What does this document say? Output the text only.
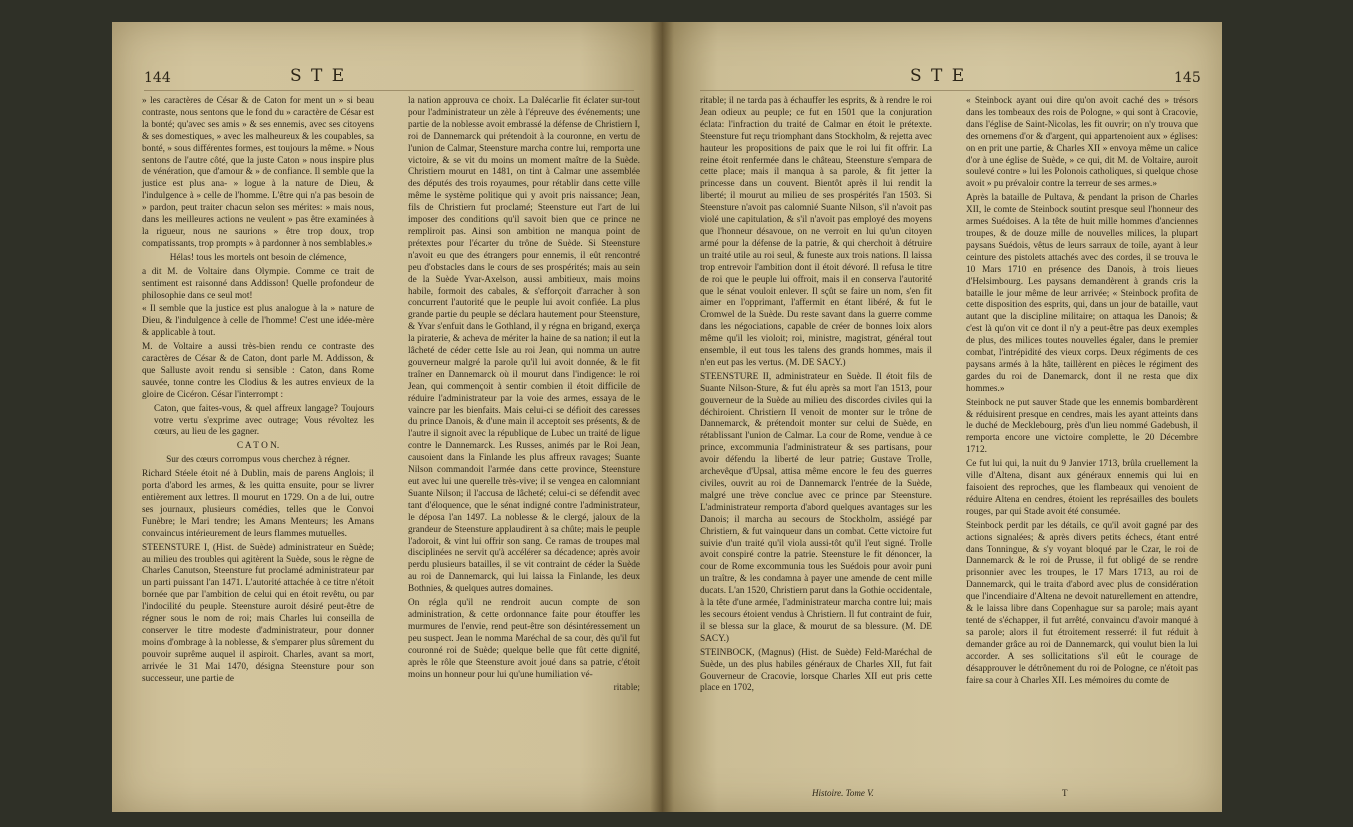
144	S T E

» les caractères de César & de Caton for ment un » si beau contraste, nous sentons que le fond du » caractère de César est la bonté; qu'avec ses amis » & ses ennemis, avec ses citoyens & ses domestiques, » avec les malheureux & les coupables, sa bonté, » sous différentes formes, est toujours la même. » Nous sentons de l'autre côté, que la juste Caton » nous inspire plus de vénération, que d'amour & » de confiance. Il semble que la justice est plus ana- » logue à la nature de Dieu, & l'indulgence à » celle de l'homme. L'être qui n'a pas besoin de » pardon, peut traiter chacun selon ses mérites: » mais nous, dans les meilleures actions ne veulent » pas être examinées à la rigueur, nous ne saurions » être trop doux, trop compatissants, trop prompts » à pardonner à nos semblables.»

Hélas! tous les mortels ont besoin de clémence,

a dit M. de Voltaire dans Olympie. Comme ce trait de sentiment est raisonné dans Addisson! Quelle profondeur de philosophie dans ce seul mot!

« Il semble que la justice est plus analogue à la » nature de Dieu, & l'indulgence à celle de l'homme! C'est une idée-mère & applicable à tout.

M. de Voltaire a aussi très-bien rendu ce contraste des caractères de César & de Caton, dont parle M. Addisson, & que Salluste avoit rendu si sensible : Caton, dans Rome sauvée, tonne contre les Clodius & les autres envieux de la gloire de Cicéron. César l'interrompt :

Caton, que faites-vous, & quel affreux langage? Toujours votre vertu s'exprime avec outrage; Vous révoltez les cœurs, au lieu de les gagner.

C A T O N.

Sur des cœurs corrompus vous cherchez à régner.

Richard Stéele étoit né à Dublin, mais de parens Anglois; il porta d'abord les armes, & les quitta ensuite, pour se livrer entièrement aux lettres. Il mourut en 1729. On a de lui, outre ses journaux, plusieurs comédies, telles que le Convoi Funèbre; le Mari tendre; les Amans Menteurs; les Amans convaincus intérieurement de leurs flammes mutuelles.

STEENSTURE I, (Hist. de Suède) administrateur en Suède; au milieu des troubles qui agitèrent la Suède, sous le règne de Charles Canutson, Steensture fut proclamé administrateur par un parti puissant l'an 1471. L'autorité attachée à ce titre n'étoit bornée que par l'ambition de celui qui en étoit revêtu, ou par l'indocilité du peuple. Steensture auroit désiré peut-être de régner sous le nom de roi; mais Charles lui conseilla de conserver le titre modeste d'administrateur, pour donner moins d'ombrage à la noblesse, & s'emparer plus sûrement du pouvoir suprême auquel il aspiroit. Charles, avant sa mort, arrivée le 31 Mai 1470, désigna Steensture pour son successeur, une partie de

la nation approuva ce choix. La Dalécarlie fit éclater sur-tout pour l'administrateur un zèle à l'épreuve des événements; une partie de la noblesse avoit embrassé la défense de Christiern I, roi de Dannemarck qui prétendoit à la couronne, en vertu de l'union de Calmar, Steensture marcha contre lui, remporta une victoire, & se vit du moins un moment maître de la Suède. Christiern mourut en 1481, on tint à Calmar une assemblée des députés des trois royaumes, pour rétablir dans cette ville même le système politique qui y avoit pris naissance; Jean, fils de Christiern fut proclamé; Steensture eut l'art de lui imposer des conditions qu'il savoit bien que ce prince ne rempliroit pas. Ainsi son ambition ne manqua point de prétextes pour l'écarter du trône de Suède. Si Steensture n'avoit eu que des étrangers pour ennemis, il eût rencontré peu d'obstacles dans le cours de ses prospérités; mais au sein de la Suède Yvar-Axelson, aussi ambitieux, mais moins habile, formoit des cabales, & s'efforçoit d'arracher à son concurrent l'autorité que le peuple lui avoit confiée. La plus grande partie du peuple se déclara hautement pour Steensture, & Yvar s'enfuit dans le Gothland, il y régna en brigand, exerça la piraterie, & acheva de mériter la haine de sa nation; il eut la lâcheté de céder cette Isle au roi Jean, qui nomma un autre gouverneur malgré la parole qu'il lui avoit donnée, & le fit traîner en Dannemarck où il mourut dans l'indigence: le roi Jean, qui commençoit à sentir combien il étoit difficile de réduire l'administrateur par la voie des armes, essaya de le vaincre par les bienfaits. Mais celui-ci se défioit des caresses du prince Danois, & d'une main il acceptoit ses présents, & de l'autre il signoit avec la république de Lubec un traité de ligue contre le Dannemarck. Les Russes, animés par le Roi Jean, causoient dans la Finlande les plus affreux ravages; Suante Nilson commandoit l'armée dans cette province, Steensture eut avec lui une querelle très-vive; il se vengea en calomniant Suante Nilson; il l'accusa de lâcheté; celui-ci se défendit avec tant d'éloquence, que le sénat indigné contre l'administrateur, le déposa l'an 1497. La noblesse & le clergé, jaloux de la grandeur de Steensture applaudirent à sa chûte; mais le peuple l'adoroit, & vint lui offrir son sang. Ce ramas de troupes mal disciplinées ne servit qu'à accélérer sa décadence; après avoir perdu plusieurs batailles, il se vit contraint de céder la Suède au roi de Dannemarck, qui lui laissa la Finlande, les deux Bothnies, & quelques autres domaines.

On régla qu'il ne rendroit aucun compte de son administration, & cette ordonnance faite pour étouffer les murmures de l'envie, rend peut-être son désintéressement un peu suspect. Jean le nomma Maréchal de sa cour, dès qu'il fut couronné roi de Suède; quelque belle que fût cette dignité, après le rôle que Steensture avoit joué dans sa patrie, c'étoit moins un honneur pour lui qu'une humiliation vé-

ritable;

S T E	145

ritable; il ne tarda pas à échauffer les esprits, & à rendre le roi Jean odieux au peuple; ce fut en 1501 que la conjuration éclata: l'infraction du traité de Calmar en étoit le prétexte. Steensture fut reçu triomphant dans Stockholm, & rejetta avec hauteur les propositions de paix que le roi lui fit offrir. La reine étoit renfermée dans le château, Steensture s'empara de cette place; mais il manqua à sa parole, & fit jetter la princesse dans un couvent. Bientôt après il lui rendit la liberté; il mourut au milieu de ses prospérités l'an 1503. Si Steensture n'avoit pas calomnié Suante Nilson, s'il n'avoit pas violé une capitulation, & s'il n'avoit pas employé des moyens que l'honneur désavoue, on ne verroit en lui qu'un citoyen armé pour la défense de la patrie, & qui cherchoit à détruire un traité utile au roi seul, & funeste aux trois nations. Il laissa trop entrevoir l'ambition dont il étoit dévoré. Il refusa le titre de roi que le peuple lui offroit, mais il en conserva l'autorité que le sénat vouloit enlever. Il sçût se faire un nom, s'en fit aimer en l'opprimant, l'affermit en étant libéré, & fut le Cromwel de la Suède. Du reste savant dans la guerre comme dans les négociations, capable de créer de bonnes loix alors même qu'il les violoit; roi, ministre, magistrat, général tout ensemble, il eut tous les talens des grands hommes, mais il n'en eut pas les vertus. (M. DE SACY.)

STEENSTURE II, administrateur en Suède. Il étoit fils de Suante Nilson-Sture, & fut élu après sa mort l'an 1513, pour gouverneur de la Suède au milieu des discordes civiles qui la déchiroient. Christiern II venoit de monter sur le trône de Dannemarck, & prétendoit monter sur celui de Suède, en rétablissant l'union de Calmar. La cour de Rome, vendue à ce prince, excommunia l'administrateur & ses partisans, pour avoir défendu la liberté de leur patrie; Gustave Trolle, archevêque d'Upsal, attisa même encore le feu des guerres civiles, ouvrit au roi de Dannemarck l'entrée de la Suède, malgré une trève conclue avec ce prince par Steensture. L'administrateur remporta d'abord quelques avantages sur les Danois; il marcha au secours de Stockholm, assiégé par Christiern, & fut vainqueur dans un combat. Cette victoire fut suivie d'un traité qu'il viola aussi-tôt qu'il l'eut signé. Trolle avoit conspiré contre la patrie. Steensture le fit dénoncer, la cour de Rome excommunia tous les Suédois pour avoir puni un traître, & les condamna à payer une amende de cent mille ducats. L'an 1520, Christiern parut dans la Gothie occidentale, à la tête d'une armée, l'administrateur marcha contre lui; mais les secours étoient vendus à Christiern. Il fut contraint de fuir, il se blessa sur la glace, & mourut de sa blessure. (M. DE SACY.)

STEINBOCK, (Magnus) (Hist. de Suède) Feld-Maréchal de Suède, un des plus habiles généraux de Charles XII, fut fait Gouverneur de Cracovie, lorsque Charles XII eut pris cette place en 1702,

« Steinbock ayant oui dire qu'on avoit caché des » trésors dans les tombeaux des rois de Pologne, » qui sont à Cracovie, dans l'église de Saint-Nicolas, les fit ouvrir; on n'y trouva que des ornemens d'or & d'argent, qui appartenoient aux » églises: on en prit une partie, & Charles XII » envoya même un calice d'or à une église de Suède, » ce qui, dit M. de Voltaire, auroit soulevé contre » lui les Polonois catholiques, si quelque chose avoit » pu prévaloir contre la terreur de ses armes.»

Après la bataille de Pultava, & pendant la prison de Charles XII, le comte de Steinbock soutint presque seul l'honneur des armes Suédoises. A la tête de huit mille hommes d'anciennes troupes, & de douze mille de nouvelles milices, la plupart paysans Suédois, vêtus de leurs sarraux de toile, ayant à leur ceinture des pistolets attachés avec des cordes, il se trouva le 10 Mars 1710 en présence des Danois, à trois lieues d'Helsimbourg. Les paysans demandèrent à grands cris la bataille le jour même de leur arrivée; « Steinbock profita de cette disposition des esprits, qui, dans un jour de bataille, vaut autant que la discipline militaire; on attaqua les Danois; & c'est là qu'on vit ce dont il n'y a peut-être pas deux exemples de plus, des milices toutes nouvelles égaler, dans le premier combat, l'intrépidité des vieux corps. Deux régiments de ces paysans armés à la hâte, taillèrent en pièces le régiment des gardes du roi de Danemarck, dont il ne resta que dix hommes.»

Steinbock ne put sauver Stade que les ennemis bombardèrent & réduisirent presque en cendres, mais les ayant atteints dans le duché de Mecklebourg, près d'un lieu nommé Gadebush, il remporta encore une victoire complette, le 20 Décembre 1712.

Ce fut lui qui, la nuit du 9 Janvier 1713, brûla cruellement la ville d'Altena, disant aux généraux ennemis qui lui en faisoient des reproches, que les flambeaux qui venoient de réduire Altena en cendres, étoient les représailles des boulets rouges, par qui Stade avoit été consumée.

Steinbock perdit par les détails, ce qu'il avoit gagné par des actions signalées; & après divers petits échecs, étant entré dans Tonningue, & s'y voyant bloqué par le Czar, le roi de Dannemarck & le roi de Prusse, il fut obligé de se rendre prisonnier avec les troupes, le 17 Mars 1713, au roi de Dannemarck, qui le traita d'abord avec plus de considération que l'incendiaire d'Altena ne devoit naturellement en attendre, & le laissa libre dans Copenhague sur sa parole; mais ayant tenté de s'échapper, il fut arrêté, convaincu d'avoir manqué à sa parole; alors il fut étroitement resserré: il fut réduit à demander grâce au roi de Dannemarck, qui voulut bien la lui accorder. A ses sollicitations s'il eût le courage de désapprouver le détrônement du roi de Pologne, ce n'étoit pas faire sa cour à Charles XII. Les mémoires du comte de

Histoire. Tome V.	T
